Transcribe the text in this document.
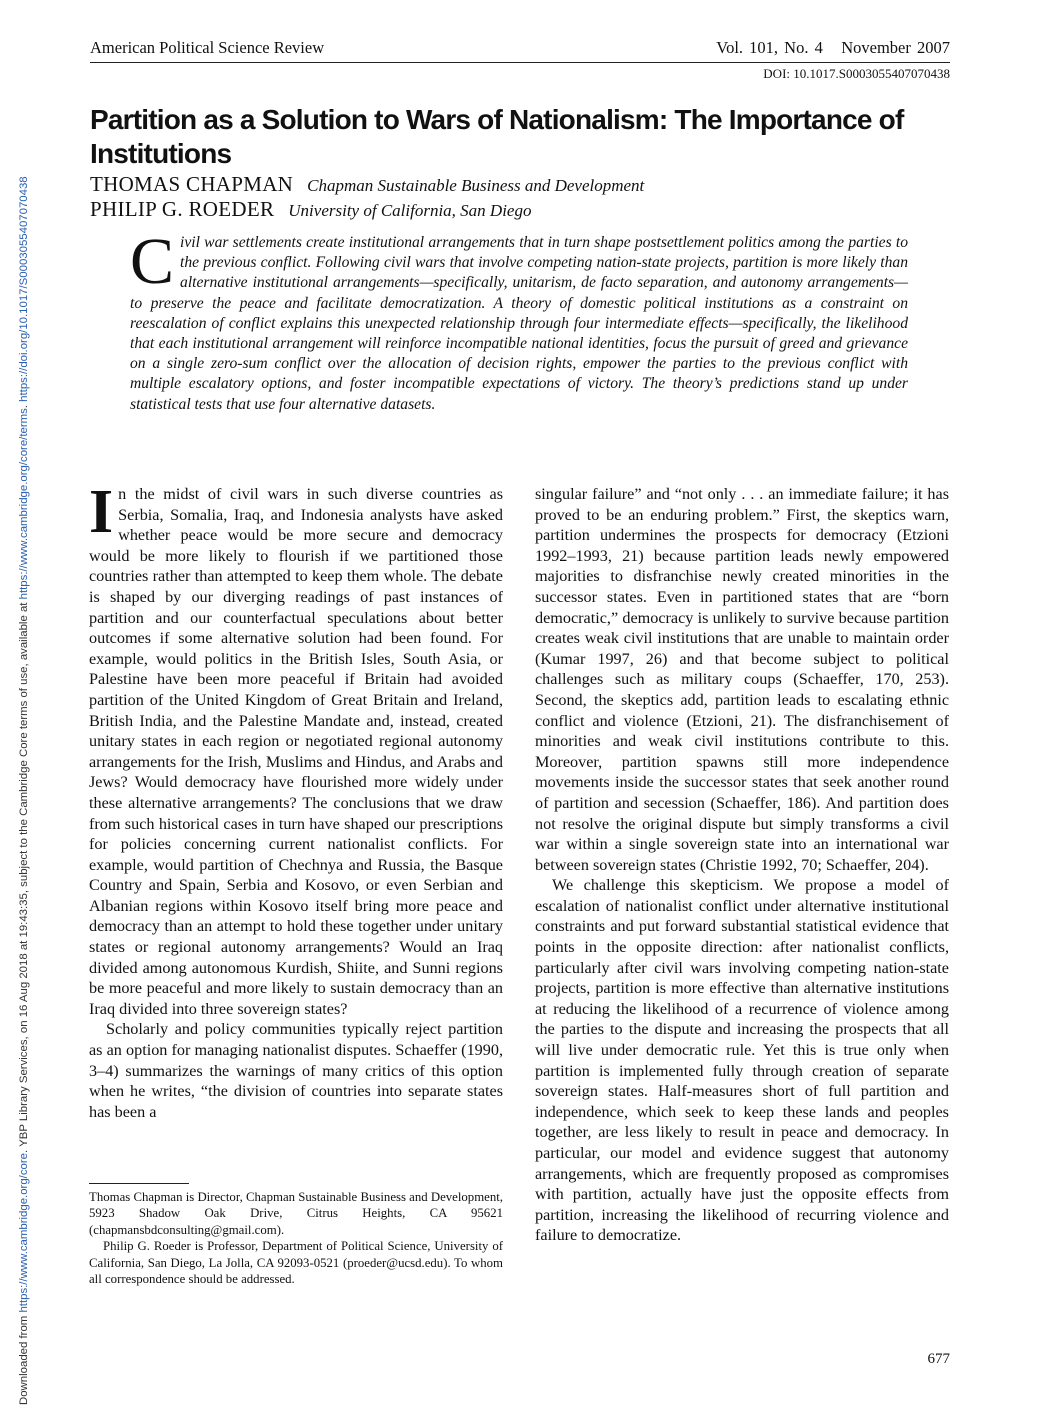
American Political Science Review	Vol. 101, No. 4 November 2007
DOI: 10.1017.S0003055407070438
Partition as a Solution to Wars of Nationalism: The Importance of Institutions
THOMAS CHAPMAN Chapman Sustainable Business and Development
PHILIP G. ROEDER University of California, San Diego
Civil war settlements create institutional arrangements that in turn shape postsettlement politics among the parties to the previous conflict. Following civil wars that involve competing nation-state projects, partition is more likely than alternative institutional arrangements—specifically, unitarism, de facto separation, and autonomy arrangements—to preserve the peace and facilitate democratization. A theory of domestic political institutions as a constraint on reescalation of conflict explains this unexpected relationship through four intermediate effects—specifically, the likelihood that each institutional arrangement will reinforce incompatible national identities, focus the pursuit of greed and grievance on a single zero-sum conflict over the allocation of decision rights, empower the parties to the previous conflict with multiple escalatory options, and foster incompatible expectations of victory. The theory’s predictions stand up under statistical tests that use four alternative datasets.

In the midst of civil wars in such diverse countries as Serbia, Somalia, Iraq, and Indonesia analysts have asked whether peace would be more secure and democracy would be more likely to flourish if we partitioned those countries rather than attempted to keep them whole. The debate is shaped by our diverging readings of past instances of partition and our counterfactual speculations about better outcomes if some alternative solution had been found. For example, would politics in the British Isles, South Asia, or Palestine have been more peaceful if Britain had avoided partition of the United Kingdom of Great Britain and Ireland, British India, and the Palestine Mandate and, instead, created unitary states in each region or negotiated regional autonomy arrangements for the Irish, Muslims and Hindus, and Arabs and Jews? Would democracy have flourished more widely under these alternative arrangements? The conclusions that we draw from such historical cases in turn have shaped our prescriptions for policies concerning current nationalist conflicts. For example, would partition of Chechnya and Russia, the Basque Country and Spain, Serbia and Kosovo, or even Serbian and Albanian regions within Kosovo itself bring more peace and democracy than an attempt to hold these together under unitary states or regional autonomy arrangements? Would an Iraq divided among autonomous Kurdish, Shiite, and Sunni regions be more peaceful and more likely to sustain democracy than an Iraq divided into three sovereign states?

Scholarly and policy communities typically reject partition as an option for managing nationalist disputes. Schaeffer (1990, 3–4) summarizes the warnings of many critics of this option when he writes, “the division of countries into separate states has been a

singular failure” and “not only . . . an immediate failure; it has proved to be an enduring problem.” First, the skeptics warn, partition undermines the prospects for democracy (Etzioni 1992–1993, 21) because partition leads newly empowered majorities to disfranchise newly created minorities in the successor states. Even in partitioned states that are “born democratic,” democracy is unlikely to survive because partition creates weak civil institutions that are unable to maintain order (Kumar 1997, 26) and that become subject to political challenges such as military coups (Schaeffer, 170, 253). Second, the skeptics add, partition leads to escalating ethnic conflict and violence (Etzioni, 21). The disfranchisement of minorities and weak civil institutions contribute to this. Moreover, partition spawns still more independence movements inside the successor states that seek another round of partition and secession (Schaeffer, 186). And partition does not resolve the original dispute but simply transforms a civil war within a single sovereign state into an international war between sovereign states (Christie 1992, 70; Schaeffer, 204).

We challenge this skepticism. We propose a model of escalation of nationalist conflict under alternative institutional constraints and put forward substantial statistical evidence that points in the opposite direction: after nationalist conflicts, particularly after civil wars involving competing nation-state projects, partition is more effective than alternative institutions at reducing the likelihood of a recurrence of violence among the parties to the dispute and increasing the prospects that all will live under democratic rule. Yet this is true only when partition is implemented fully through creation of separate sovereign states. Half-measures short of full partition and independence, which seek to keep these lands and peoples together, are less likely to result in peace and democracy. In particular, our model and evidence suggest that autonomy arrangements, which are frequently proposed as compromises with partition, actually have just the opposite effects from partition, increasing the likelihood of recurring violence and failure to democratize.

Thomas Chapman is Director, Chapman Sustainable Business and Development, 5923 Shadow Oak Drive, Citrus Heights, CA 95621 (chapmansbdconsulting@gmail.com).

Philip G. Roeder is Professor, Department of Political Science, University of California, San Diego, La Jolla, CA 92093-0521 (proeder@ucsd.edu). To whom all correspondence should be addressed.

677
Downloaded from https://www.cambridge.org/core. YBP Library Services, on 16 Aug 2018 at 19:43:35, subject to the Cambridge Core terms of use, available at https://www.cambridge.org/core/terms. https://doi.org/10.1017/S0003055407070438
